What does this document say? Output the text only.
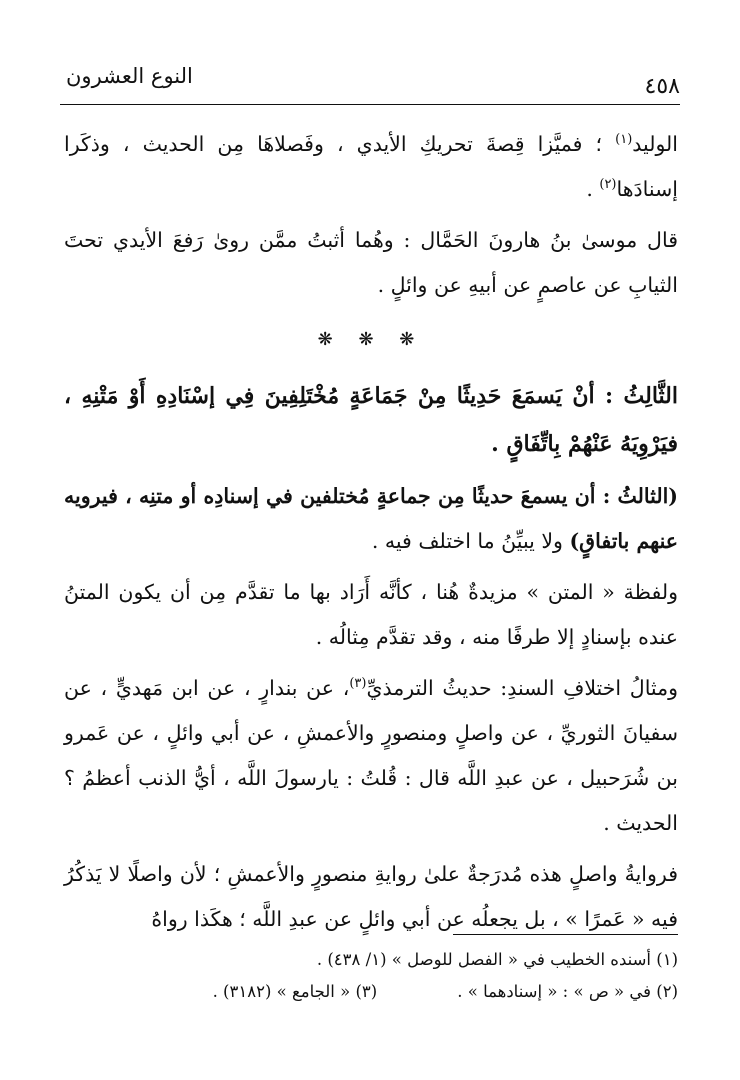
٤٥٨
النوع العشرون

الوليد$^{(١)}$ ؛ فميَّزا قِصةَ تحريكِ الأيدي ، وفَصلاهَا مِن الحديث ، وذكَرا إسنادَها$^{(٢)}$ .

قال موسىٰ بنُ هارونَ الحَمَّال : وهُما أثبتُ ممَّن روىٰ رَفعَ الأيدي تحتَ الثيابِ عن عاصمٍ عن أبيهِ عن وائلٍ .

❋ ❋ ❋

الثَّالِثُ : أنْ يَسمَعَ حَدِيثًا مِنْ جَمَاعَةٍ مُخْتَلِفِينَ فِي إسْنَادِهِ أَوْ مَتْنِهِ ، فيَرْوِيَهُ عَنْهُمْ بِاتِّفَاقٍ .

(الثالثُ : أن يسمعَ حديثًا مِن جماعةٍ مُختلفين في إسنادِه أو متنِه ، فيرويه عنهم باتفاقٍ) ولا يبيِّنُ ما اختلف فيه .

ولفظة « المتن » مزيدةٌ هُنا ، كأنَّه أَرَاد بها ما تقدَّم مِن أن يكون المتنُ عنده بإسنادٍ إلا طرفًا منه ، وقد تقدَّم مِثالُه .

ومثالُ اختلافِ السندِ: حديثُ الترمذيِّ$^{(٣)}$، عن بندارٍ ، عن ابن مَهديٍّ ، عن سفيانَ الثوريِّ ، عن واصلٍ ومنصورٍ والأعمشِ ، عن أبي وائلٍ ، عن عَمرو بن شُرَحبيل ، عن عبدِ اللَّه قال : قُلتُ : يارسولَ اللَّه ، أيُّ الذنب أعظمُ ؟ الحديث .

فروايةُ واصلٍ هذه مُدرَجةٌ علىٰ روايةِ منصورٍ والأعمشِ ؛ لأن واصلًا لا يَذكُرُ فيه « عَمرًا » ، بل يجعلُه عن أبي وائلٍ عن عبدِ اللَّه ؛ هكَذا رواهُ

(١) أسنده الخطيب في « الفصل للوصل » (١/ ٤٣٨) .
(٢) في « ص » : « إسنادهما » .(٣) « الجامع » (٣١٨٢) .
